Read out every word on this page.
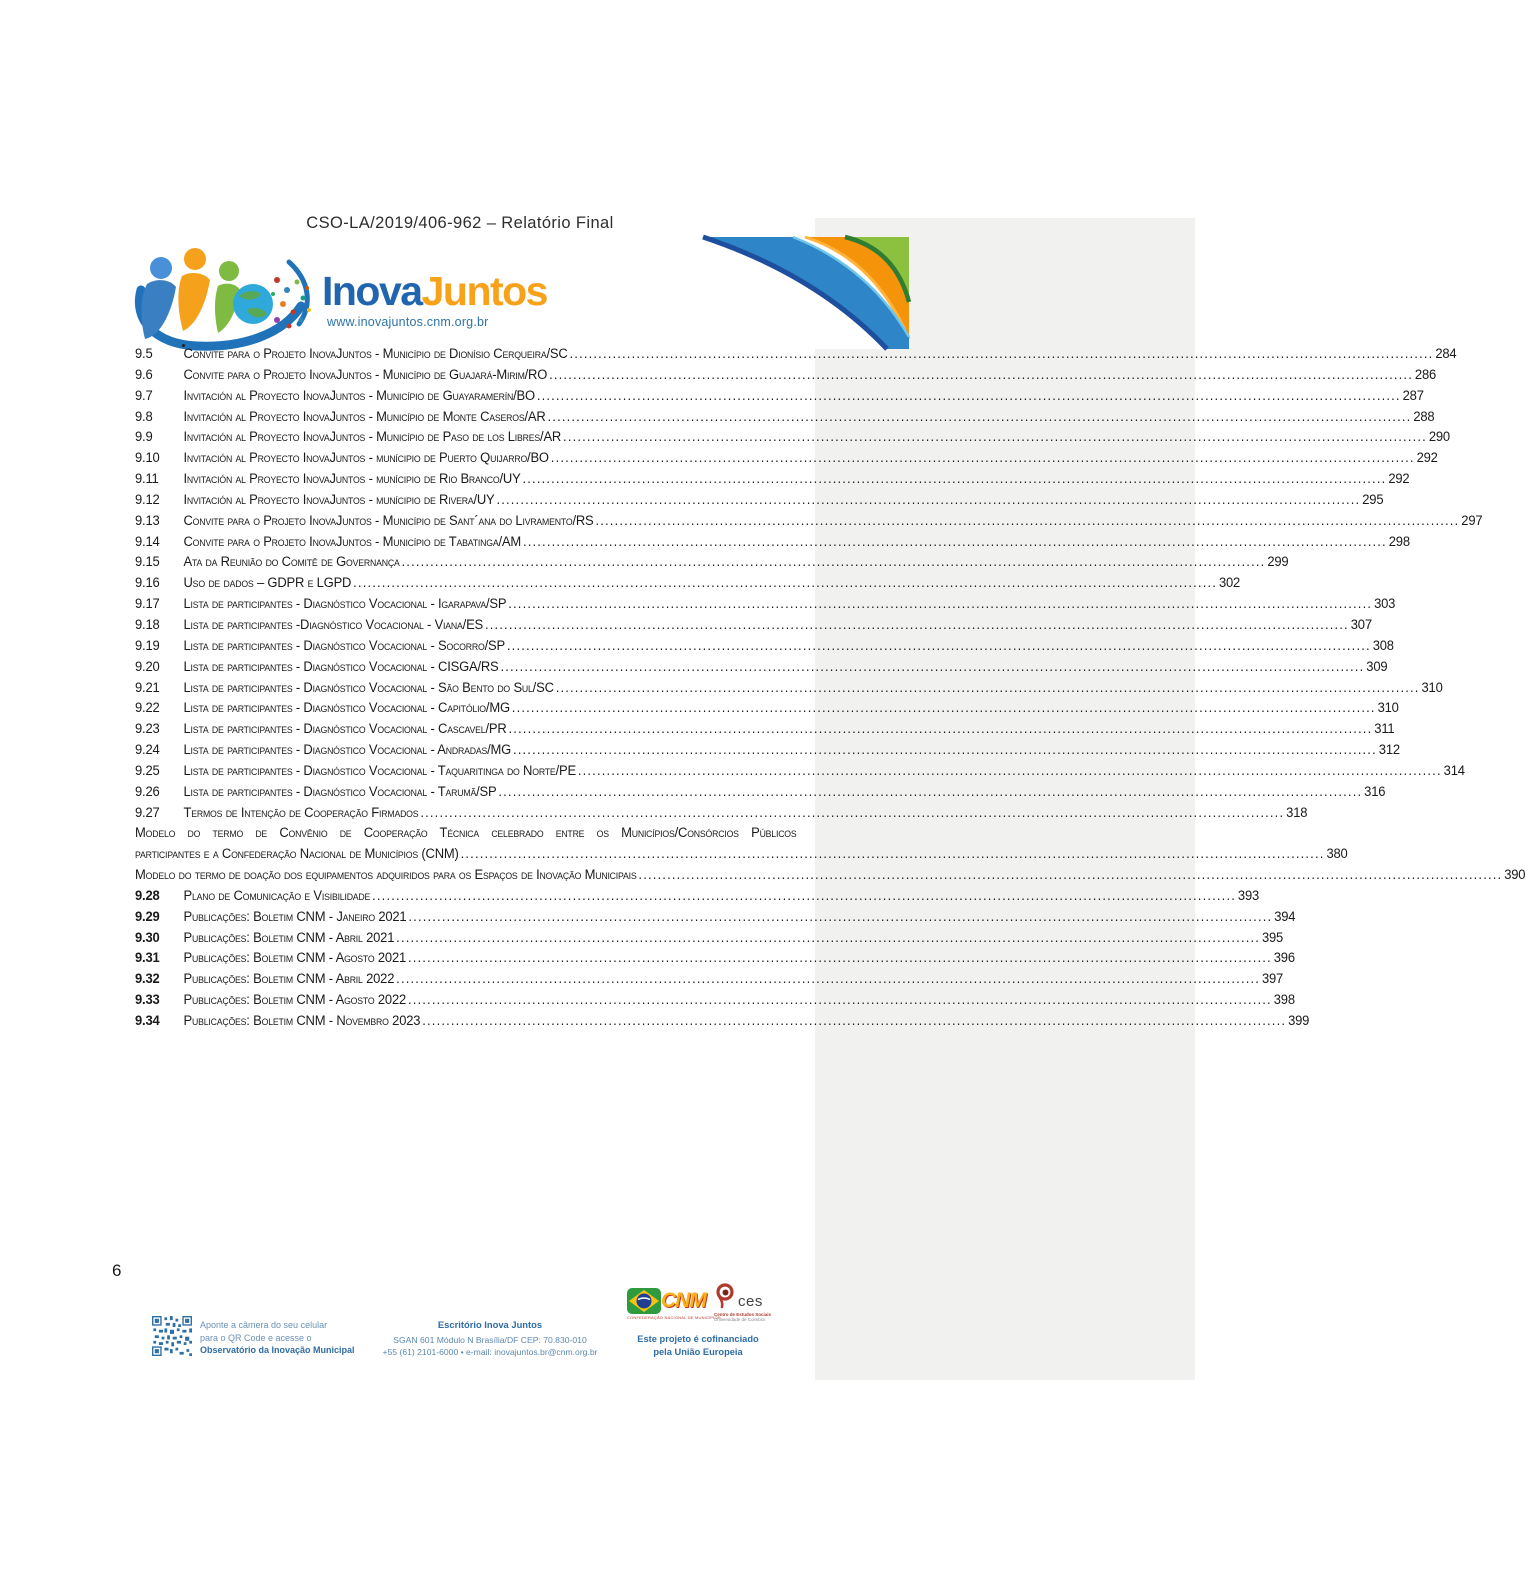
CSO-LA/2019/406-962 – Relatório Final
InovaJuntos
www.inovajuntos.cnm.org.br
9.5	Convite para o Projeto InovaJuntos - Município de Dionísio Cerqueira/SC .....	284
9.6	Convite para o Projeto InovaJuntos - Município de Guajará-Mirim/RO .....	286
9.7	Invitación al Proyecto InovaJuntos - Município de Guayaramerín/BO .....	287
9.8	Invitación al Proyecto InovaJuntos - Município de Monte Caseros/AR .....	288
9.9	Invitación al Proyecto InovaJuntos - Município de Paso de los Libres/AR .....	290
9.10	Invitación al Proyecto InovaJuntos - munícipio de Puerto Quijarro/BO .....	292
9.11	Invitación al Proyecto InovaJuntos - munícipio de Rio Branco/UY .....	292
9.12	Invitación al Proyecto InovaJuntos - munícipio de Rivera/UY .....	295
9.13	Convite para o Projeto InovaJuntos - Município de Sant´ana do Livramento/RS .....	297
9.14	Convite para o Projeto InovaJuntos - Município de Tabatinga/AM .....	298
9.15	Ata da Reunião do Comitê de Governança .....	299
9.16	Uso de dados – GDPR e LGPD .....	302
9.17	Lista de participantes - Diagnóstico Vocacional - Igarapava/SP .....	303
9.18	Lista de participantes -Diagnóstico Vocacional - Viana/ES .....	307
9.19	Lista de participantes - Diagnóstico Vocacional - Socorro/SP .....	308
9.20	Lista de participantes - Diagnóstico Vocacional - CISGA/RS .....	309
9.21	Lista de participantes - Diagnóstico Vocacional - São Bento do Sul/SC .....	310
9.22	Lista de participantes - Diagnóstico Vocacional - Capitólio/MG .....	310
9.23	Lista de participantes - Diagnóstico Vocacional - Cascavel/PR .....	311
9.24	Lista de participantes - Diagnóstico Vocacional - Andradas/MG .....	312
9.25	Lista de participantes - Diagnóstico Vocacional - Taquaritinga do Norte/PE .....	314
9.26	Lista de participantes - Diagnóstico Vocacional - Tarumã/SP .....	316
9.27	Termos de Intenção de Cooperação Firmados .....	318
Modelo do termo de Convênio de Cooperação Técnica celebrado entre os Municípios/Consórcios Públicos
participantes e a Confederação Nacional de Municípios (CNM) .....	380
Modelo do termo de doação dos equipamentos adquiridos para os Espaços de Inovação Municipais .....	390
9.28	Plano de Comunicação e Visibilidade .....	393
9.29	Publicações: Boletim CNM - Janeiro 2021 .....	394
9.30	Publicações: Boletim CNM - Abril 2021 .....	395
9.31	Publicações: Boletim CNM - Agosto 2021 .....	396
9.32	Publicações: Boletim CNM - Abril 2022 .....	397
9.33	Publicações: Boletim CNM - Agosto 2022 .....	398
9.34	Publicações: Boletim CNM - Novembro 2023 .....	399
6
Aponte a câmera do seu celular
para o QR Code e acesse o
Observatório da Inovação Municipal
Escritório Inova Juntos
SGAN 601 Módulo N Brasília/DF CEP: 70.830-010
+55 (61) 2101-6000 • e-mail: inovajuntos.br@cnm.org.br
CNM
CONFEDERAÇÃO NACIONAL DE MUNICÍPIOS
ces
Centro de Estudos Sociais
Universidade de Coimbra
Este projeto é cofinanciado
pela União Europeia
